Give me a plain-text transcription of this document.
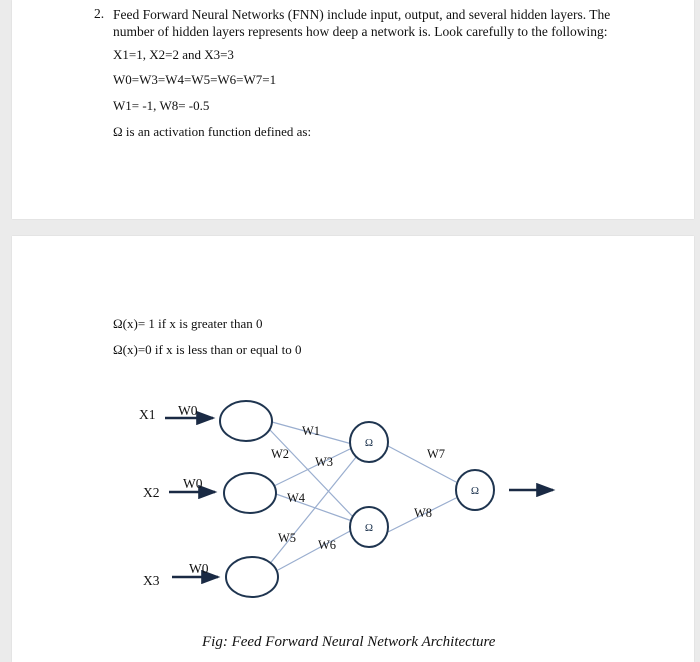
2. Feed Forward Neural Networks (FNN) include input, output, and several hidden layers. The number of hidden layers represents how deep a network is. Look carefully to the following:
X1=1, X2=2 and X3=3
W0=W3=W4=W5=W6=W7=1
W1= -1, W8= -0.5
Ω is an activation function defined as:
Ω(x)= 1 if x is greater than 0
Ω(x)=0 if x is less than or equal to 0
Ω
Ω
Ω
X1
X2
X3
W0
W0
W0
W1
W2
W3
W4
W5 W6
W7
W8
Fig: Feed Forward Neural Network Architecture
